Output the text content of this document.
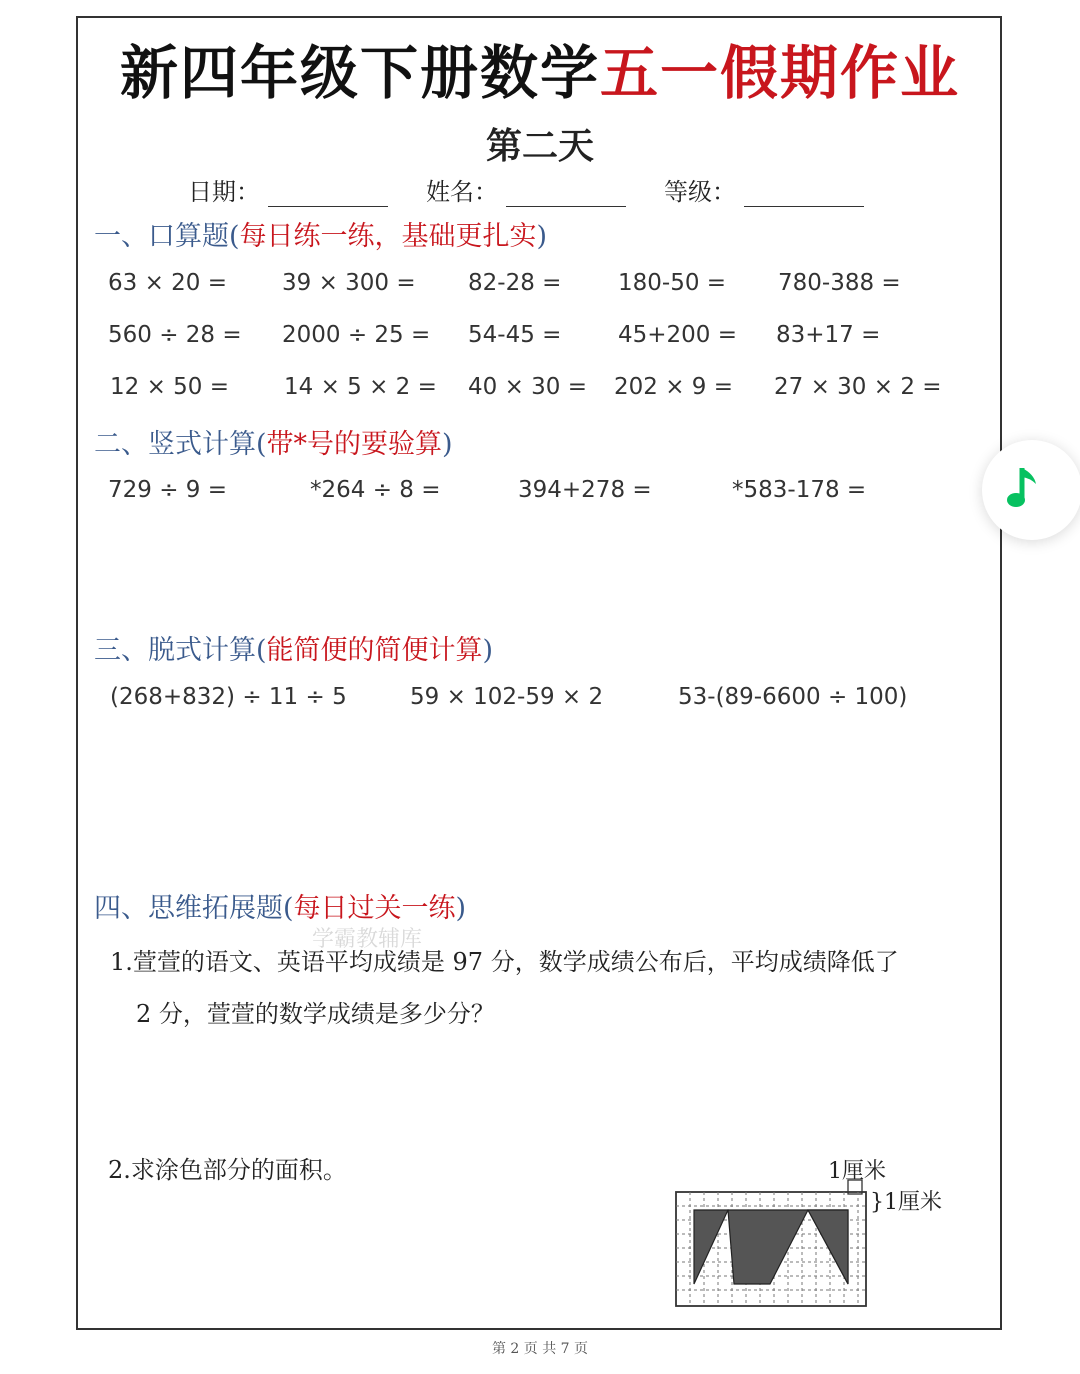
新四年级下册数学五一假期作业
第二天
日期：	姓名：	等级：
一、口算题(每日练一练，基础更扎实)
63 × 20 = 39 × 300 = 82-28 = 180-50 = 780-388 =
560 ÷ 28 = 2000 ÷ 25 = 54-45 = 45+200 = 83+17 =
12 × 50 = 14 × 5 × 2 = 40 × 30 = 202 × 9 = 27 × 30 × 2 =
二、竖式计算(带*号的要验算)
729 ÷ 9 =	*264 ÷ 8 =	394+278 =	*583-178 =
三、脱式计算(能简便的简便计算)
(268+832) ÷ 11 ÷ 5	59 × 102-59 × 2	53-(89-6600 ÷ 100)
四、思维拓展题(每日过关一练)
学霸教辅库
1.萱萱的语文、英语平均成绩是 97 分，数学成绩公布后，平均成绩降低了
2 分，萱萱的数学成绩是多少分？
2.求涂色部分的面积。	1厘米
}1厘米
第 2 页 共 7 页
